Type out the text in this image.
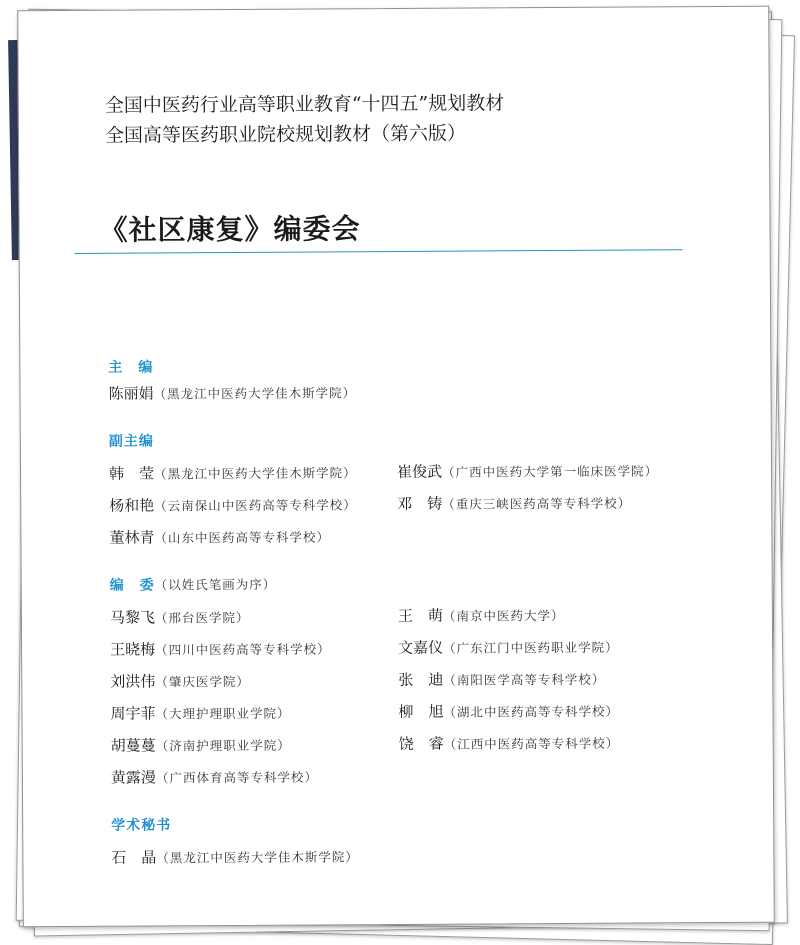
全国中医药行业高等职业教育“十四五”规划教材
全国高等医药职业院校规划教材（第六版）
《社区康复》编委会
主　编
陈丽娟（黑龙江中医药大学佳木斯学院）
副主编
韩　莹（黑龙江中医药大学佳木斯学院）	崔俊武（广西中医药大学第一临床医学院）
杨和艳（云南保山中医药高等专科学校）	邓　铸（重庆三峡医药高等专科学校）
董林青（山东中医药高等专科学校）
编　委（以姓氏笔画为序）
马黎飞（邢台医学院）	王　萌（南京中医药大学）
王晓梅（四川中医药高等专科学校）	文嘉仪（广东江门中医药职业学院）
刘洪伟（肇庆医学院）	张　迪（南阳医学高等专科学校）
周宇菲（大理护理职业学院）	柳　旭（湖北中医药高等专科学校）
胡蔓蔓（济南护理职业学院）	饶　睿（江西中医药高等专科学校）
黄露漫（广西体育高等专科学校）
学术秘书
石　晶（黑龙江中医药大学佳木斯学院）
